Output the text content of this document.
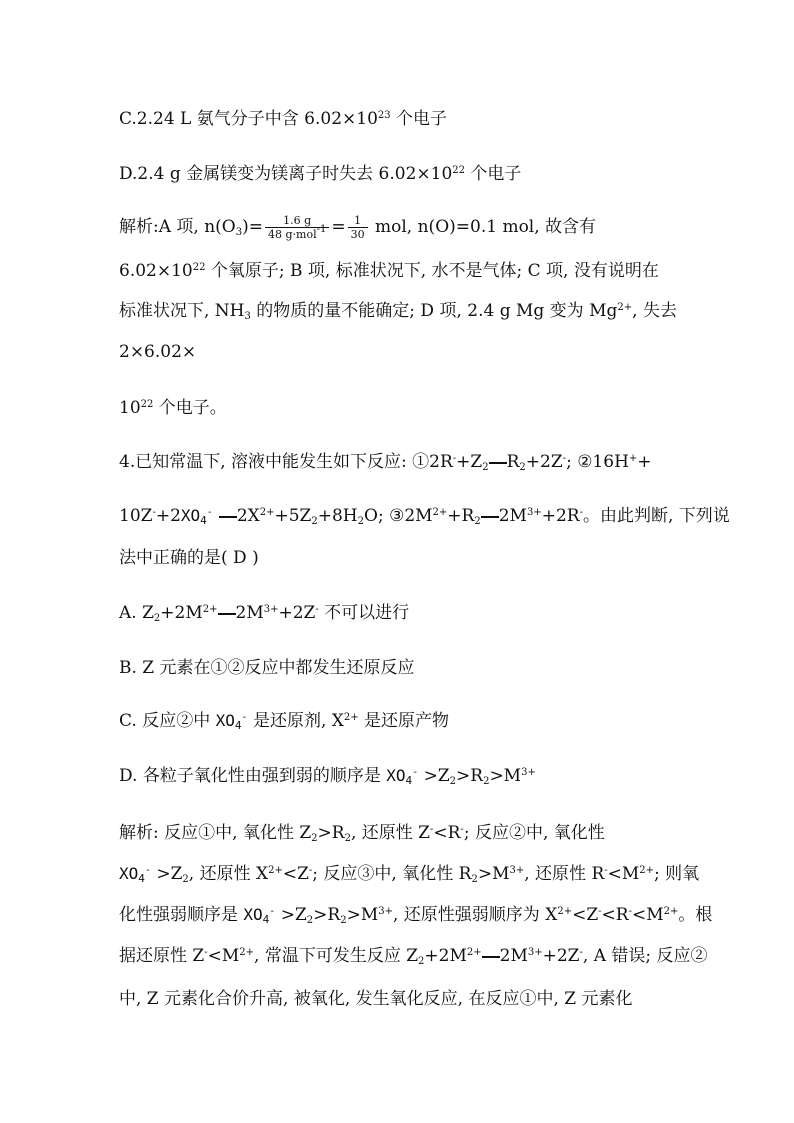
C.2.24 L 氨气分子中含 $6.02\times 10^{23}$ 个电子
D.2.4 g 金属镁变为镁离子时失去 $6.02\times 10^{22}$ 个电子
解析:A 项, $n(O_3)= \frac{1.6 g}{48 g\cdot mol^{-1}} = \frac{1}{30}$ mol, n(O)=0.1 mol, 故含有
$6.02\times 10^{22}$ 个氧原子; B 项, 标准状况下, 水不是气体; C 项, 没有说明在
标准状况下, $NH_3$ 的物质的量不能确定; D 项, 2.4 g Mg 变为 $Mg^{2+}$, 失去
2×6.02×
$10^{22}$ 个电子。
4.已知常温下, 溶液中能发生如下反应: $①2R^-+Z_2$ $R_2+2Z^-$; ②16H++
$10Z^-+2XO_4^-$ $2X^{2+}+5Z_2+8H_2O$; $③2M^{2+}+R_2$ $2M^{3+}+2R^-$。由此判断, 下列说
法中正确的是( D )
A. $Z_2+2M^{2+}$ $2M^{3+}+2Z^-$ 不可以进行
B. Z 元素在①②反应中都发生还原反应
C. 反应②中 $XO_4^-$ 是还原剂, $X^{2+}$ 是还原产物
D. 各粒子氧化性由强到弱的顺序是 $XO_4^- >Z_2>R_2>M^{3+}$
解析: 反应①中, 氧化性 $Z_2>R_2$, 还原性 Z-<R-; 反应②中, 氧化性
$XO_4^- >Z_2$, 还原性 $X^{2+}<Z^-$; 反应③中, 氧化性 $R_2>M^{3+}$, 还原性 $R^-<M^{2+}$; 则氧
化性强弱顺序是 $XO_4^- >Z_2>R_2>M^{3+}$, 还原性强弱顺序为 $X^{2+}<Z^-<R^-<M^{2+}$。根
据还原性 $Z^-<M^{2+}$, 常温下可发生反应 $Z_2+2M^{2+}$ $2M^{3+}+2Z^-$, A 错误; 反应②
中, Z 元素化合价升高, 被氧化, 发生氧化反应, 在反应①中, Z 元素化
